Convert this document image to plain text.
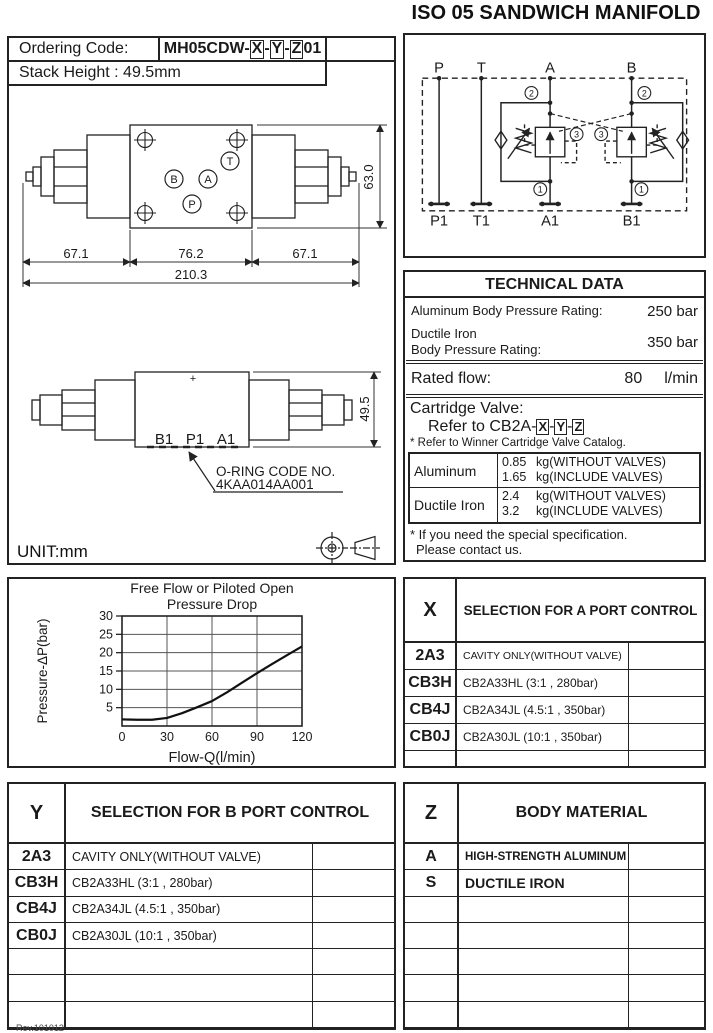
ISO 05 SANDWICH MANIFOLD
Ordering Code:	MH05CDW- X - Y - Z 01
Stack Height : 49.5mm
B A
T
P
67.1	76.2	67.1
210.3
63.0
+
B1 P1 A1
O-RING CODE NO.
4KAA014AA001
49.5
UNIT:mm
2	2
3 3
1	1
P T	A	B
P1 T1	A1	B1
TECHNICAL DATA
Aluminum Body Pressure Rating:	250 bar
Ductile Iron
Body Pressure Rating:	350 bar
Rated flow:	80 l/min
Cartridge Valve:
Refer to CB2A- X - Y - Z
* Refer to Winner Cartridge Valve Catalog.
Aluminum
0.85 kg(WITHOUT VALVES)
1.65 kg(INCLUDE VALVES)
Ductile Iron
2.4 kg(WITHOUT VALVES)
3.2 kg(INCLUDE VALVES)
* If you need the special specification.
Please contact us.
5
10
15
20
25
30
0	30 60 90 120
Free Flow or Piloted Open
Pressure Drop
Flow-Q(l/min)
Pressure-ΔP(bar)
X	SELECTION FOR A PORT CONTROL
2A3	CAVITY ONLY(WITHOUT VALVE)
CB3H CB2A33HL (3:1 , 280bar)
CB4J	CB2A34JL (4.5:1 , 350bar)
CB0J	CB2A30JL (10:1 , 350bar)
Y	SELECTION FOR B PORT CONTROL
2A3	CAVITY ONLY(WITHOUT VALVE)
CB3H	CB2A33HL (3:1 , 280bar)
CB4J	CB2A34JL (4.5:1 , 350bar)
CB0J	CB2A30JL (10:1 , 350bar)
Z	BODY MATERIAL
A	HIGH-STRENGTH ALUMINUM
S	DUCTILE IRON
Rev.101012
